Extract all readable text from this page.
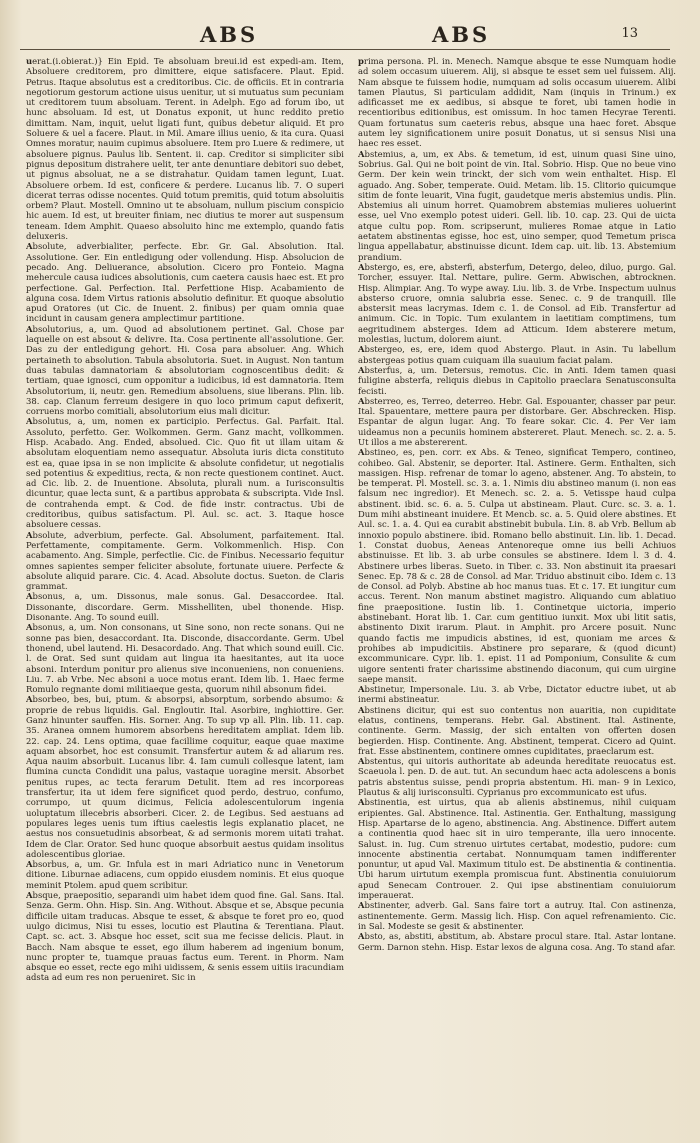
ABS	ABS	13

uerat.(i.obierat.)} Ein Epid. Te absoluam breui.id est expedi-am. Item, Absoluere creditorem, pro dimittere, eique satisfacere. Plaut. Epid. Petrus. Itaque absolutus est a creditoribus. Cic. de officiis. Et in contraria negotiorum gestorum actione uisus uenitur, ut si mutuatus sum pecuniam ut creditorem tuum absoluam. Terent. in Adelph. Ego ad forum ibo, ut hunc absoluam. Id est, ut Donatus exponit, ut hunc reddito pretio dimittam. Nam, inquit, uelut ligati funt, quibus debetur aliquid. Et pro Soluere & uel a facere. Plaut. in Mil. Amare illius uenio, & ita cura. Quasi Omnes moratur, nauim cupimus absoluere. Item pro Luere & redimere, ut absoluere pignus. Paulus lib. Sentent. ii. cap. Creditor si simpliciter sibi pignus depositum distrahere uelit, ter ante denuntiare debitori suo debet, ut pignus absoluat, ne a se distrahatur. Quidam tamen legunt, Luat. Absoluere orbem. Id est, conficere & perdere. Lucanus lib. 7. O superi dicerat terras odisse nocentes. Quid totum premitis, quid totum absoluitis orbem? Plaut. Mostell. Omnino ut te absoluam, nullum piscium conspicio hic auem. Id est, ut breuiter finiam, nec diutius te morer aut suspensum teneam. Idem Amphit. Quaeso absoluito hinc me extemplo, quando fatis deluxeris.

Absolute, adverbialiter, perfecte. Ebr. Gr. Gal. Absolution. Ital. Assolutione. Ger. Ein entledigung oder vollendung. Hisp. Absolucion de pecado. Ang. Deliuerance, absolution. Cicero pro Fonteio. Magna mehercule causa iudices absolutionis, cum caetera causis haec est. Et pro perfectione. Gal. Perfection. Ital. Perfettione Hisp. Acabamiento de alguna cosa. Idem Virtus rationis absolutio definitur. Et quoque absolutio apud Oratores (ut Cic. de Inuent. 2. finibus) per quam omnia quae incidunt in causam genera amplectimur partitione.

Absolutorius, a, um. Quod ad absolutionem pertinet. Gal. Chose par laquelle on est absout & delivre. Ita. Cosa pertinente all'assolutione. Ger. Das zu der entledigung gehort. Hi. Cosa para absoluer. Ang. Which pertaineth to absolution. Tabula absolutoria. Suet. in August. Non tantum duas tabulas damnatoriam & absolutoriam cognoscentibus dedit: & tertiam, quae ignosci, cum opponitur a iudicibus, id est damnatoria. Item Absolutorium, ii, neutr. gen. Remedium absoluens, siue liberans. Plin. lib. 38. cap. Clanum ferreum desigere in quo loco primum caput defixerit, corruens morbo comitiali, absolutorium eius mali dicitur.

Absolutus, a, um, nomen ex participio. Perfectus. Gal. Parfait. Ital. Assoluto, perfetto. Ger. Wolkommen. Germ. Ganz macht, vollkommen. Hisp. Acabado. Ang. Ended, absolued. Cic. Quo fit ut illam uitam & absolutam eloquentiam nemo assequatur. Absoluta iuris dicta constituto est ea, quae ipsa in se non implicite & absolute confidetur, ut negotialis sed potentius & expeditius, recta, & non recte questionem continet. Auct. ad Cic. lib. 2. de Inuentione. Absoluta, plurali num. a Iurisconsultis dicuntur, quae lecta sunt, & a partibus approbata & subscripta. Vide Insl. de contrahenda empt. & Cod. de fide instr. contractus. Ubi de creditoribus, quibus satisfactum. Pl. Aul. sc. act. 3. Itaque hosce absoluere cessas.

Absolute, adverbium, perfecte. Gal. Absolument, parfaitement. Ital. Perfettamente, compitamente. Germ. Volkommenlich. Hisp. Con acabamento. Ang. Simple, perfectlie. Cic. de Finibus. Necessario fequitur omnes sapientes semper feliciter absolute, fortunate uiuere. Perfecte & absolute aliquid parare. Cic. 4. Acad. Absolute doctus. Sueton. de Claris grammat.

Absonus, a, um. Dissonus, male sonus. Gal. Desaccordee. Ital. Dissonante, discordare. Germ. Misshelliten, ubel thonende. Hisp. Disonante. Ang. To sound euill.

Absonus, a, um. Non consonans, ut Sine sono, non recte sonans. Qui ne sonne pas bien, desaccordant. Ita. Disconde, disaccordante. Germ. Ubel thonend, ubel lautend. Hi. Desacordado. Ang. That which sound euill. Cic. l. de Orat. Sed sunt quidam aut lingua ita haesitantes, aut ita uoce absoni. Interdum ponitur pro alienus sive inconueniens, non conueniens. Liu. 7. ab Vrbe. Nec absoni a uoce motus erant. Idem lib. 1. Haec ferme Romulo regnante domi militiaeque gesta, quorum nihil absonum fidei.

Absorbeo, bes, bui, ptum. & absorpsi, absorptum, sorbendo absumo: & proprie de rebus liquidis. Gal. Engloutir. Ital. Asorbire, inghiottire. Ger. Ganz hinunter sauffen. His. Sorner. Ang. To sup vp all. Plin. lib. 11. cap. 35. Aranea omnem humorem absorbens hereditatem ampliat. Idem lib. 22. cap. 24. Lens optima, quae facillime coquitur, eaque quae maxime aquam absorbet, hoc est consumit. Transfertur autem & ad aliarum res. Aqua nauim absorbuit. Lucanus libr. 4. Iam cumuli collesque latent, iam flumina cuncta Condidit una palus, vastaque uoragine mersit. Absorbet penitus rupes, ac tecta ferarum Detulit. Item ad res incorporeas transfertur, ita ut idem fere significet quod perdo, destruo, confumo, corrumpo, ut quum dicimus, Felicia adolescentulorum ingenia uoluptatum illecebris absorberi. Cicer. 2. de Legibus. Sed aestuans ad populares leges uenis tum iftius caelestis legis explanatio placet, ne aestus nos consuetudinis absorbeat, & ad sermonis morem uitati trahat. Idem de Clar. Orator. Sed hunc quoque absorbuit aestus quidam insolitus adolescentibus gloriae.

Absorbus, a, um. Gr. Infula est in mari Adriatico nunc in Venetorum ditione. Liburnae adiacens, cum oppido eiusdem nominis. Et eius quoque meminit Ptolem. apud quem scribitur.

Absque, praepositio, separandi uim habet idem quod fine. Gal. Sans. Ital. Senza. Germ. Ohn. Hisp. Sin. Ang. Without. Absque et se, Absque pecunia difficile uitam traducas. Absque te esset, & absque te foret pro eo, quod uulgo dicimus, Nisi tu esses, locutio est Plautina & Terentiana. Plaut. Capt. sc. act. 3. Absque hoc esset, scit sua me fecisse delicis. Plaut. in Bacch. Nam absque te esset, ego illum haberem ad ingenium bonum, nunc propter te, tuamque prauas factus eum. Terent. in Phorm. Nam absque eo esset, recte ego mihi uidissem, & senis essem uitiis iracundiam adsta ad eum res non perueniret. Sic in

prima persona. Pl. in. Menech. Namque absque te esse Numquam hodie ad solem occasum uiuerem. Alij, si absque te esset sem uel fuissem. Alij. Nam absque te fuissem hodie, numquam ad solis occasum uiuerem. Alibi tamen Plautus, Si particulam addidit, Nam (inquis in Trinum.) ex adificasset me ex aedibus, si absque te foret, ubi tamen hodie in recentioribus editionibus, est omissum. In hoc tamen Hecyrae Terenti. Quam fortunatus sum caeteris rebus, absque una haec foret. Absque autem ley significationem unire posuit Donatus, ut si sensus Nisi una haec res esset.

Abstemius, a, um, ex Abs. & temetum, id est, uinum quasi Sine uino, Sobrius. Gal. Qui ne boit point de vin. Ital. Sobrio. Hisp. Que no beue vino Germ. Der kein wein trinckt, der sich vom wein enthaltet. Hisp. El aguado. Ang. Sober, temperate. Ouid. Metam. lib. 15. Clitorio quicumque sitim de fonte leuarit, Vina fugit, gaudetque meris abstemius undis. Plin. Abstemius ali uinum horret. Quamobrem abstemias mulieres uoluerint esse, uel Vno exemplo potest uideri. Gell. lib. 10. cap. 23. Qui de uicta atque cultu pop. Rom. scripserunt, mulieres Romae atque in Latio aetatem abstinentas egisse, hoc est, uino semper, quod Temetum prisca lingua appellabatur, abstinuisse dicunt. Idem cap. uit. lib. 13. Abstemium prandium.

Abstergo, es, ere, absterfi, absterfum, Detergo, deleo, diluo, purgo. Gal. Torcher, essuyer. Ital. Nettare, pulire. Germ. Abwischen, abtrocknen. Hisp. Alimpiar. Ang. To wype away. Liu. lib. 3. de Vrbe. Inspectum uulnus absterso cruore, omnia salubria esse. Senec. c. 9 de tranquill. Ille abstersit meas lacrymas. Idem c. 1. de Consol. ad Eib. Transfertur ad animum. Cic. in Topic. Tum exulantem in laetitiam comptimens, tum aegritudinem absterges. Idem ad Atticum. Idem absterere metum, molestias, luctum, dolorem aiunt.

Abstergeo, es, ere, idem quod Abstergo. Plaut. in Asin. Tu labellum abstergeas potius quam cuiquam illa suauium faciat palam.

Absterfus, a, um. Detersus, remotus. Cic. in Anti. Idem tamen quasi fuligine absterfa, reliquis diebus in Capitolio praeclara Senatusconsulta fecisti.

Absterreo, es, Terreo, deterreo. Hebr. Gal. Espouanter, chasser par peur. Ital. Spauentare, mettere paura per distorbare. Ger. Abschrecken. Hisp. Espantar de algun lugar. Ang. To feare sokar. Cic. 4. Per Ver iam uideamus non a pecuniis hominem abstereret. Plaut. Menech. sc. 2. a. 5. Ut illos a me abstererent.

Abstineo, es, pen. corr. ex Abs. & Teneo, significat Tempero, contineo, cohibeo. Gal. Abstenir, se deporter. Ital. Astinere. Germ. Enthalten, sich massigen. Hisp. refrenar de tomar lo ageno, abstener. Ang. To abstein, to be temperat. Pl. Mostell. sc. 3. a. 1. Nimis diu abstineo manum (i. non eas falsum nec ingredior). Et Menech. sc. 2. a. 5. Vetisspe haud culpa abstinent. ibid. sc. 6. a. 5. Culpa ut abstineam. Plaut. Curc. sc. 3. a. 1. Dum mihi abstineant inuidere. Et Mencb. sc. a. 5. Quid olere abstines. Et Aul. sc. 1. a. 4. Qui ea curabit abstinebit bubula. Lin. 8. ab Vrb. Bellum ab innoxio populo abstinere. ibid. Romano bello abstinuit. Lin. lib. 1. Decad. 1. Constat duobus, Aeneas Antenoreque omne ius belli Achiuos abstinuisse. Et lib. 3. ab urbe consules se abstinere. Idem l. 3 d. 4. Abstinere urbes liberas. Sueto. in Tiber. c. 33. Non abstinuit ita praesari Senec. Ep. 78 & c. 28 de Consol. ad Mar. Triduo abstinuit cibo. Idem c. 13 de Consol. ad Polyb. Abstine ab hoc manus tuas. Et c. 17. Et iungitur cum accus. Terent. Non manum abstinet magistro. Aliquando cum ablatiuo fine praepositione. Iustin lib. 1. Continetque uictoria, imperio abstinebant. Horat lib. 1. Car. cum gentitiuo iunxit. Mox ubi litit satis, abstinento Dixit irarum. Plaut. in Amphit. pro Arcere posuit. Nunc quando factis me impudicis abstines, id est, quoniam me arces & prohibes ab impudicitiis. Abstinere pro separare, & (quod dicunt) excommunicare. Cypr. lib. 1. epist. 11 ad Pomponium, Consulite & cum uigore sententi frater charissime abstinendo diaconum, qui cum uirgine saepe mansit.

Abstinetur, Impersonale. Liu. 3. ab Vrbe, Dictator eductre iubet, ut ab inermi abstineatur.

Abstinens dicitur, qui est suo contentus non auaritia, non cupiditate elatus, continens, temperans. Hebr. Gal. Abstinent. Ital. Astinente, continente. Germ. Massig, der sich entalten von offerten dosen begierden. Hisp. Continente. Ang. Abstinent, temperat. Cicero ad Quint. frat. Esse abstinentem, continere omnes cupiditates, praeclarum est.

Abstentus, qui uitoris authoritate ab adeunda hereditate reuocatus est. Scaeuola l. pen. D. de aut. tut. An secundum haec acta adolescens a bonis patris abstentus suisse, pendi propria abstentum. Hi. man- 9 in Lexico, Plautus & alij iurisconsulti. Cyprianus pro excommunicato est ufus.

Abstinentia, est uirtus, qua ab alienis abstinemus, nihil cuiquam eripientes. Gal. Abstinence. Ital. Astinentia. Ger. Enthaltung, massigung Hisp. Apartarse de lo ageno, abstinencia. Ang. Abstinence. Differt autem a continentia quod haec sit in uiro temperante, illa uero innocente. Salust. in. Iug. Cum strenuo uirtutes certabat, modestio, pudore: cum innocente abstinentia certabat. Nonnumquam tamen indifferenter ponuntur, ut apud Val. Maximum titulo est. De abstinentia & continentia. Ubi harum uirtutum exempla promiscua funt. Abstinentia conuiuiorum apud Senecam Controuer. 2. Qui ipse abstinentiam conuiuiorum imperauerat.

Abstinenter, adverb. Gal. Sans faire tort a autruy. Ital. Con astinenza, astinentemente. Germ. Massig lich. Hisp. Con aquel refrenamiento. Cic. in Sal. Modeste se gesit & abstinenter.

Absto, as, abstiti, abstitum, ab. Abstare procul stare. Ital. Astar lontane. Germ. Darnon stehn. Hisp. Estar lexos de alguna cosa. Ang. To stand afar.
